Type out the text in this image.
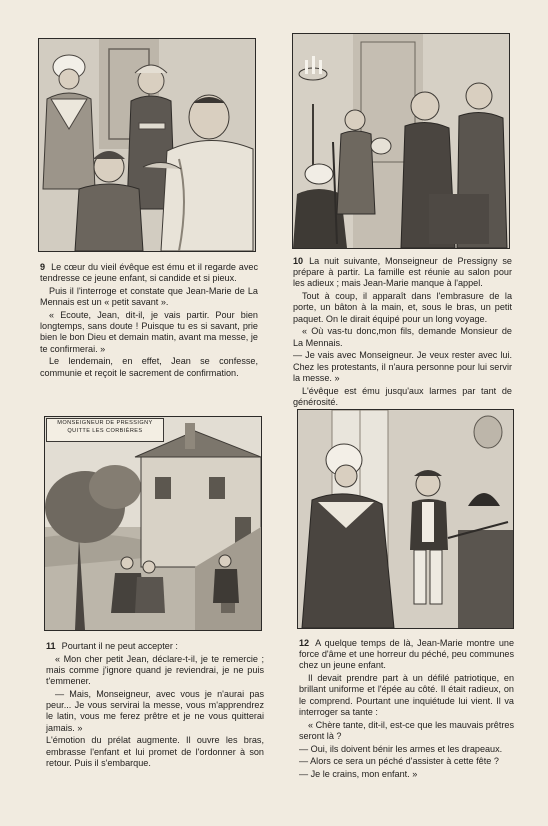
MONSEIGNEUR DE PRESSIGNY
QUITTE LES CORBIÈRES

9 Le cœur du vieil évêque est ému et il regarde avec tendresse ce jeune enfant, si candide et si pieux.

Puis il l'interroge et constate que Jean-Marie de La Mennais est un « petit savant ».

« Ecoute, Jean, dit-il, je vais partir. Pour bien longtemps, sans doute ! Puisque tu es si savant, prie bien le bon Dieu et demain matin, avant ma messe, je te confirmerai. »

Le lendemain, en effet, Jean se confesse, communie et reçoit le sacrement de confirmation.

10 La nuit suivante, Monseigneur de Pressigny se prépare à partir. La famille est réunie au salon pour les adieux ; mais Jean-Marie manque à l'appel.

Tout à coup, il apparaît dans l'embrasure de la porte, un bâton à la main, et, sous le bras, un petit paquet. On le dirait équipé pour un long voyage.

« Où vas-tu donc,mon fils, demande Monsieur de La Mennais.

— Je vais avec Monseigneur. Je veux rester avec lui. Chez les protestants, il n'aura personne pour lui servir la messe. »

L'évêque est ému jusqu'aux larmes par tant de générosité.

11 Pourtant il ne peut accepter :

« Mon cher petit Jean, déclare-t-il, je te remercie ; mais comme j'ignore quand je reviendrai, je ne puis t'emmener.

— Mais, Monseigneur, avec vous je n'aurai pas peur... Je vous servirai la messe, vous m'apprendrez le latin, vous me ferez prêtre et je ne vous quitterai jamais. »

L'émotion du prélat augmente. Il ouvre les bras, embrasse l'enfant et lui promet de l'ordonner à son retour. Puis il s'embarque.

12 A quelque temps de là, Jean-Marie montre une force d'âme et une horreur du péché, peu communes chez un jeune enfant.

Il devait prendre part à un défilé patriotique, en brillant uniforme et l'épée au côté. Il était radieux, on le comprend. Pourtant une inquiétude lui vient. Il va interroger sa tante :

« Chère tante, dit-il, est-ce que les mauvais prêtres seront là ?

— Oui, ils doivent bénir les armes et les drapeaux.

— Alors ce sera un péché d'assister à cette fête ?

— Je le crains, mon enfant. »
